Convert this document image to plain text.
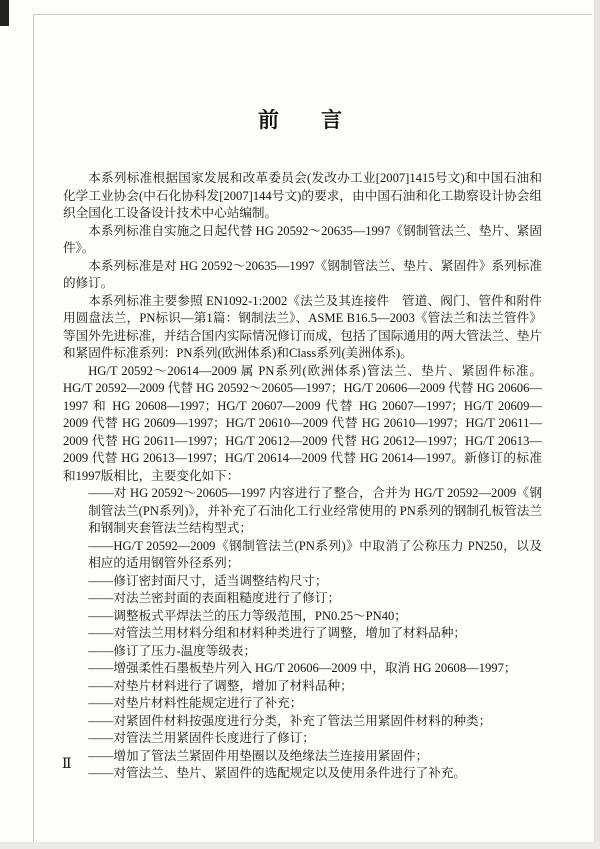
前　　言

本系列标准根据国家发展和改革委员会(发改办工业[2007]1415号文)和中国石油和化学工业协会(中石化协科发[2007]144号文)的要求，由中国石油和化工勘察设计协会组织全国化工设备设计技术中心站编制。

本系列标准自实施之日起代替 HG 20592～20635—1997《钢制管法兰、垫片、紧固件》。

本系列标准是对 HG 20592～20635—1997《钢制管法兰、垫片、紧固件》系列标准的修订。

本系列标准主要参照 EN1092-1:2002《法兰及其连接件　管道、阀门、管件和附件用圆盘法兰，PN标识—第1篇：钢制法兰》、ASME B16.5—2003《管法兰和法兰管件》等国外先进标准，并结合国内实际情况修订而成，包括了国际通用的两大管法兰、垫片和紧固件标准系列：PN系列(欧洲体系)和Class系列(美洲体系)。

HG/T 20592～20614—2009 属 PN系列(欧洲体系)管法兰、垫片、紧固件标准。HG/T 20592—2009 代替 HG 20592～20605—1997；HG/T 20606—2009 代替 HG 20606—1997 和 HG 20608—1997；HG/T 20607—2009 代替 HG 20607—1997；HG/T 20609—2009 代替 HG 20609—1997；HG/T 20610—2009 代替 HG 20610—1997；HG/T 20611—2009 代替 HG 20611—1997；HG/T 20612—2009 代替 HG 20612—1997；HG/T 20613—2009 代替 HG 20613—1997；HG/T 20614—2009 代替 HG 20614—1997。新修订的标准和1997版相比，主要变化如下：

——对 HG 20592～20605—1997 内容进行了整合，合并为 HG/T 20592—2009《钢制管法兰(PN系列)》，并补充了石油化工行业经常使用的 PN系列的钢制孔板管法兰和钢制夹套管法兰结构型式；

——HG/T 20592—2009《钢制管法兰(PN系列)》中取消了公称压力 PN250，以及相应的适用钢管外径系列；

——修订密封面尺寸，适当调整结构尺寸；

——对法兰密封面的表面粗糙度进行了修订；

——调整板式平焊法兰的压力等级范围，PN0.25～PN40；

——对管法兰用材料分组和材料种类进行了调整，增加了材料品种；

——修订了压力-温度等级表；

——增强柔性石墨板垫片列入 HG/T 20606—2009 中，取消 HG 20608—1997；

——对垫片材料进行了调整，增加了材料品种；

——对垫片材料性能规定进行了补充；

——对紧固件材料按强度进行分类，补充了管法兰用紧固件材料的种类；

——对管法兰用紧固件长度进行了修订；

——增加了管法兰紧固件用垫圈以及绝缘法兰连接用紧固件；

——对管法兰、垫片、紧固件的选配规定以及使用条件进行了补充。

Ⅱ
